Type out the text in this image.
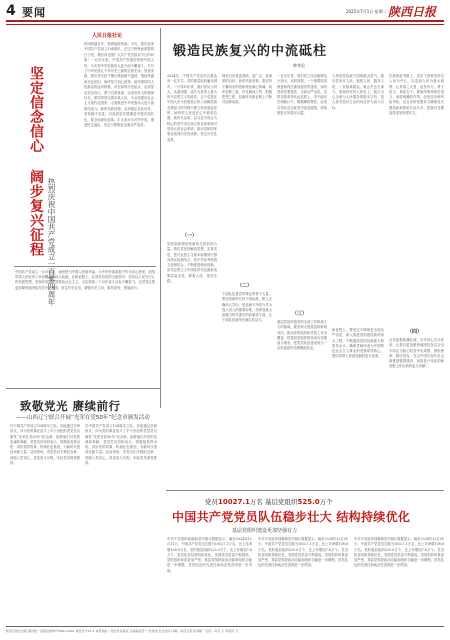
4 要闻	2025年7月1日 星期二 陕西日报
坚定信念信心 阔步复兴征程 热烈庆祝中国共产党成立一百零四周年
人民日报社论
时间跨越百年，使命接续传承。今天，我们迎来中国共产党成立104周年。在这个特殊而重要的日子里，我们向全国广大共产党员致以节日的问候！一百多年来，中国共产党团结带领中国人民，为实现中华民族伟大复兴而不懈奋斗，书写了中华民族几千年历史上最恢宏的史诗。回望来路，我们党历经千锤百炼而朝气蓬勃，饱经风霜而本色依旧，始终坚守初心使命，始终保持同人民群众的血肉联系。站在新的历史起点，必须坚定信念信心，勇于自我革命，以奋发有为的精神状态，团结带领全国各族人民，为全面建设社会主义现代化国家、全面推进中华民族伟大复兴而团结奋斗。新时代新征程，必须锚定目标任务，坚持稳中求进，以高质量发展推进中国式现代化。要全面深化改革，扩大高水平对外开放，增进民生福祉，坚定不移推进全面从严治党。
中国共产党成立一百多年来，始终把为中国人民谋幸福、为中华民族谋复兴作为初心使命，团结带领人民取得了举世瞩目的伟大成就。在新征程上，必须坚持党的全面领导，坚持以人民为中心的发展思想，坚持和发展中国特色社会主义，为实现第二个百年奋斗目标不懈努力。全党同志要更加紧密地团结在党中央周围，坚定历史自信，增强历史主动，踔厉奋发、勇毅前行。
锻造民族复兴的中流砥柱
钟华论
2024年，中国共产党党员总数达到一亿多名，党的基层组织遍布城乡。一百零四年来，我们党从小到大、从弱到强，成长为世界上最大的马克思主义执政党。这个党是在中国人民为民族独立和人民解放而英勇奋斗的历程中建立和发展起来的，始终把人民放在心中最高位置。新时代以来，以习近平同志为核心的党中央以伟大的自我革命引领伟大的社会革命，推动党和国家事业取得历史性成就、发生历史性变革。
（一）
党的创新理论是最持久的信仰力量。我们党坚持解放思想、实事求是，把马克思主义基本原理同中国具体实际相结合、同中华优秀传统文化相结合，不断推进理论创新，用马克思主义中国化时代化最新成果武装全党、教育人民、指导实践。
理论自信是更基础、更广泛、更深厚的自信。新时代新征程，要坚持不懈用党的创新理论凝心铸魂，筑牢信仰之基、补足精神之钙、把稳思想之舵，在新时代新征程上不断开创新局面。
（二）
干部队伍是党的事业的骨干力量。要坚持新时代好干部标准，树立正确用人导向，把忠诚干净担当作为选人用人的重要标准，培养造就大批堪当时代重任的高素质干部，让干部队伍始终充满生机活力。
一百多年来，我们党之所以能够从小到大、从弱到强，一个重要原因就是始终注重加强党的建设，始终坚持党要管党、全面从严治党。党的自我革命永远在路上，决不能有任何喘口气、歇歇脚的想法，必须以零容忍态度坚决惩治腐败，持续推进正风肃纪反腐。
（三）
基层党组织是党的全部工作和战斗力的基础。要坚持大抓基层的鲜明导向，推动党的组织和党的工作全覆盖，把基层党组织建设成为坚强战斗堡垒，把党员队伍建设成为一支高素质的先锋模范队伍。
人民是党执政兴国的最大底气。我们党来自人民、植根人民、服务人民，一旦脱离群众，就会失去生命力。要始终坚持人民至上，践行全心全意为人民服务的根本宗旨，把人民对美好生活的向往作为奋斗目标。
新征程上，要坚定不移推进全面从严治党，深入推进党的建设新的伟大工程，不断提高党的执政能力和领导水平，确保党始终成为中国特色社会主义事业的坚强领导核心，团结带领人民创造新的更大奇迹。
在新的赶考路上，党员干部要坚持以人民为中心，以造福人民为最大政绩，心怀国之大者，奋发有为，勇于担当，真抓实干。要始终保持艰苦奋斗、戒骄戒躁的作风，经受住各种风险考验，以自身的坚强有力确保党长期执政和国家长治久安，把我们党锻造得更加坚强有力。
（四）
百年征程波澜壮阔，百年初心历久弥坚。让我们更加紧密地团结在以习近平同志为核心的党中央周围，勇担使命、踔厉奋发，在以中国式现代化全面推进强国建设、民族复兴伟业的新征程上作出新的更大贡献！
致敬党光 赓续前行
——山西辽宁联合开展“光荣在党50年”纪念章颁发活动
在中国共产党成立104周年之际，各地通过多种形式，向为党的事业奋斗了半个世纪的老党员们颁发“光荣在党50年”纪念章，致敬他们对党的忠诚和奉献。老党员们纷纷表示，将继续发挥余热，讲好党的故事，传承红色基因，为新时代建设贡献力量。活动现场，老党员们手捧纪念章，回顾入党初心，讲述奋斗历程，年轻党员深受教育。
在中国共产党成立104周年之际，各地通过多种形式，向为党的事业奋斗了半个世纪的老党员们颁发“光荣在党50年”纪念章，致敬他们对党的忠诚和奉献。老党员们纷纷表示，将继续发挥余热，讲好党的故事，传承红色基因，为新时代建设贡献力量。活动现场，老党员们手捧纪念章，回顾入党初心，讲述奋斗历程，年轻党员深受教育。
党员10027.1万名 基层党组织525.0万个
中国共产党党员队伍稳步壮大 结构持续优化
基层党组织建设更加坚强有力
中共中央组织部最新党内统计数据显示，截至2024年12月31日，中国共产党党员总数为10027.1万名，比上年净增108.6万名。党的基层组织525.0万个，比上年增加7.6万个。党员队伍结构持续优化，发展党员质量不断提高，党的组织体系更加严密，基层党组织政治功能和组织功能进一步增强，党员队伍的先进性和纯洁性得到进一步巩固。
中共中央组织部最新党内统计数据显示，截至2024年12月31日，中国共产党党员总数为10027.1万名，比上年净增108.6万名。党的基层组织525.0万个，比上年增加7.6万个。党员队伍结构持续优化，发展党员质量不断提高，党的组织体系更加严密，基层党组织政治功能和组织功能进一步增强，党员队伍的先进性和纯洁性得到进一步巩固。
中共中央组织部最新党内统计数据显示，截至2024年12月31日，中国共产党党员总数为10027.1万名，比上年净增108.6万名。党的基层组织525.0万个，比上年增加7.6万个。党员队伍结构持续优化，发展党员质量不断提高，党的组织体系更加严密，基层党组织政治功能和组织功能进一步增强，党员队伍的先进性和纯洁性得到进一步巩固。
陕西日报社出版 国内统一连续出版物号CN61-0001 邮发代号51-1 本报地址：西安市东新街 总编室电话 广告热线 发行热线 印刷：陕西日报社印刷厂 定价：每月 元 零售价 元
